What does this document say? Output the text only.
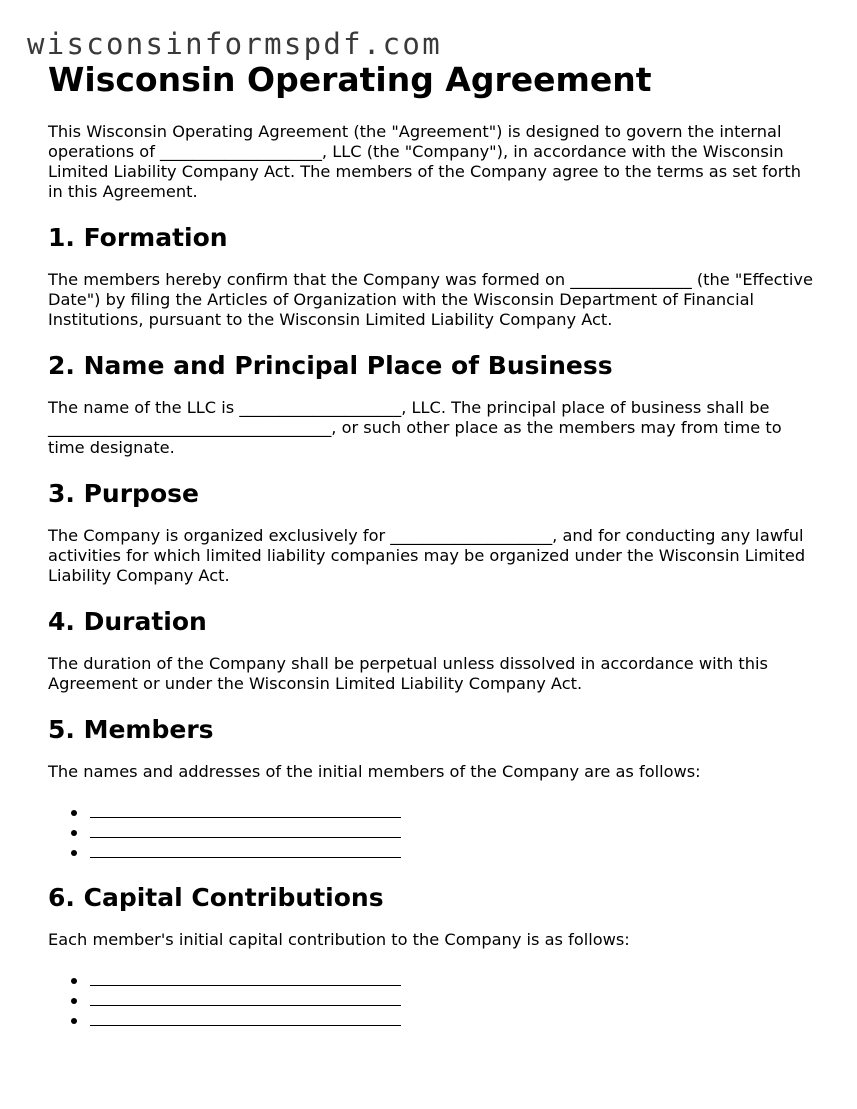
wisconsinformspdf.com
Wisconsin Operating Agreement

This Wisconsin Operating Agreement (the "Agreement") is designed to govern the internal operations of ____________________, LLC (the "Company"), in accordance with the Wisconsin Limited Liability Company Act. The members of the Company agree to the terms as set forth in this Agreement.

1. Formation

The members hereby confirm that the Company was formed on _______________ (the "Effective Date") by filing the Articles of Organization with the Wisconsin Department of Financial Institutions, pursuant to the Wisconsin Limited Liability Company Act.

2. Name and Principal Place of Business

The name of the LLC is ____________________, LLC. The principal place of business shall be ___________________________________, or such other place as the members may from time to time designate.

3. Purpose

The Company is organized exclusively for ____________________, and for conducting any lawful activities for which limited liability companies may be organized under the Wisconsin Limited Liability Company Act.

4. Duration

The duration of the Company shall be perpetual unless dissolved in accordance with this Agreement or under the Wisconsin Limited Liability Company Act.

5. Members

The names and addresses of the initial members of the Company are as follows:

6. Capital Contributions

Each member's initial capital contribution to the Company is as follows:
